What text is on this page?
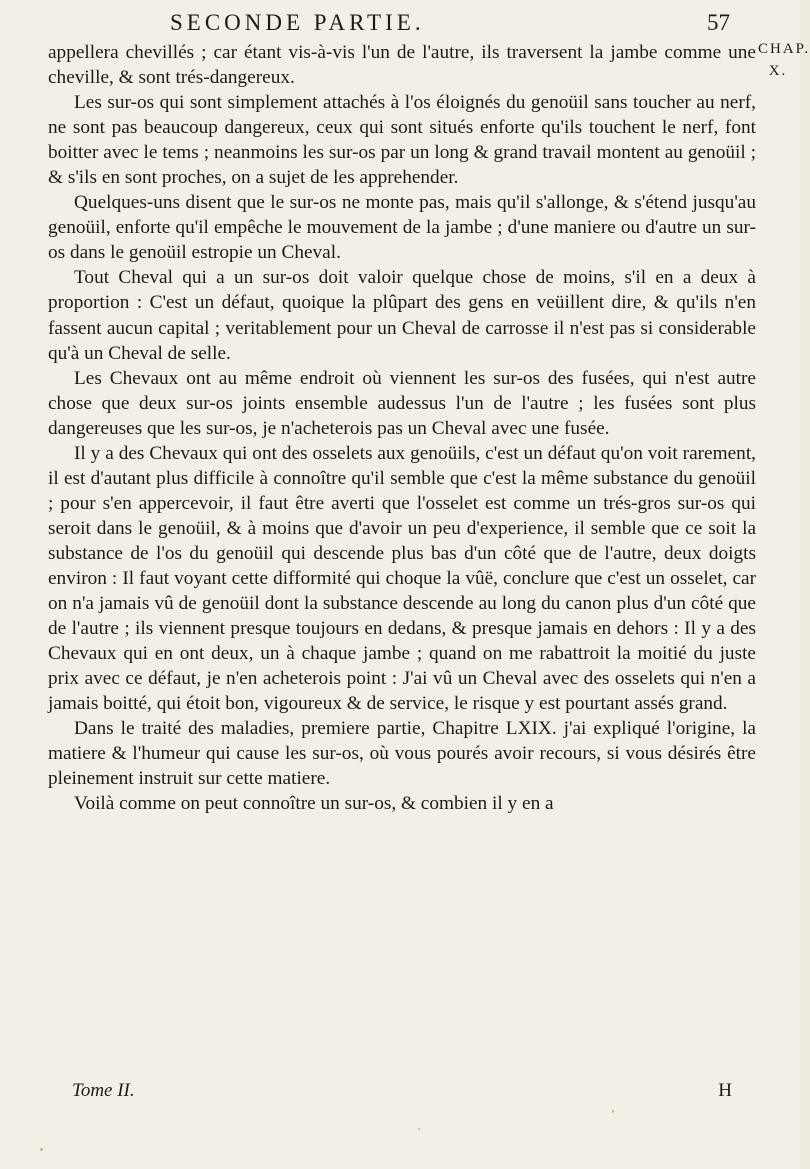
SECONDE PARTIE.	57
CHAP.
X.

appellera chevillés ; car étant vis-à-vis l'un de l'autre, ils traversent la jambe comme une cheville, & sont trés-dangereux.

Les sur-os qui sont simplement attachés à l'os éloignés du genoüil sans toucher au nerf, ne sont pas beaucoup dangereux, ceux qui sont situés enforte qu'ils touchent le nerf, font boitter avec le tems ; neanmoins les sur-os par un long & grand travail montent au genoüil ; & s'ils en sont proches, on a sujet de les apprehender.

Quelques-uns disent que le sur-os ne monte pas, mais qu'il s'allonge, & s'étend jusqu'au genoüil, enforte qu'il empêche le mouvement de la jambe ; d'une maniere ou d'autre un sur-os dans le genoüil estropie un Cheval.

Tout Cheval qui a un sur-os doit valoir quelque chose de moins, s'il en a deux à proportion : C'est un défaut, quoique la plûpart des gens en veüillent dire, & qu'ils n'en fassent aucun capital ; veritablement pour un Cheval de carrosse il n'est pas si considerable qu'à un Cheval de selle.

Les Chevaux ont au même endroit où viennent les sur-os des fusées, qui n'est autre chose que deux sur-os joints ensemble audessus l'un de l'autre ; les fusées sont plus dangereuses que les sur-os, je n'acheterois pas un Cheval avec une fusée.

Il y a des Chevaux qui ont des osselets aux genoüils, c'est un défaut qu'on voit rarement, il est d'autant plus difficile à connoître qu'il semble que c'est la même substance du genoüil ; pour s'en appercevoir, il faut être averti que l'osselet est comme un trés-gros sur-os qui seroit dans le genoüil, & à moins que d'avoir un peu d'experience, il semble que ce soit la substance de l'os du genoüil qui descende plus bas d'un côté que de l'autre, deux doigts environ : Il faut voyant cette difformité qui choque la vûë, conclure que c'est un osselet, car on n'a jamais vû de genoüil dont la substance descende au long du canon plus d'un côté que de l'autre ; ils viennent presque toujours en dedans, & presque jamais en dehors : Il y a des Chevaux qui en ont deux, un à chaque jambe ; quand on me rabattroit la moitié du juste prix avec ce défaut, je n'en acheterois point : J'ai vû un Cheval avec des osselets qui n'en a jamais boitté, qui étoit bon, vigoureux & de service, le risque y est pourtant assés grand.

Dans le traité des maladies, premiere partie, Chapitre LXIX. j'ai expliqué l'origine, la matiere & l'humeur qui cause les sur-os, où vous pourés avoir recours, si vous désirés être pleinement instruit sur cette matiere.

Voilà comme on peut connoître un sur-os, & combien il y en a

Tome II.	H
